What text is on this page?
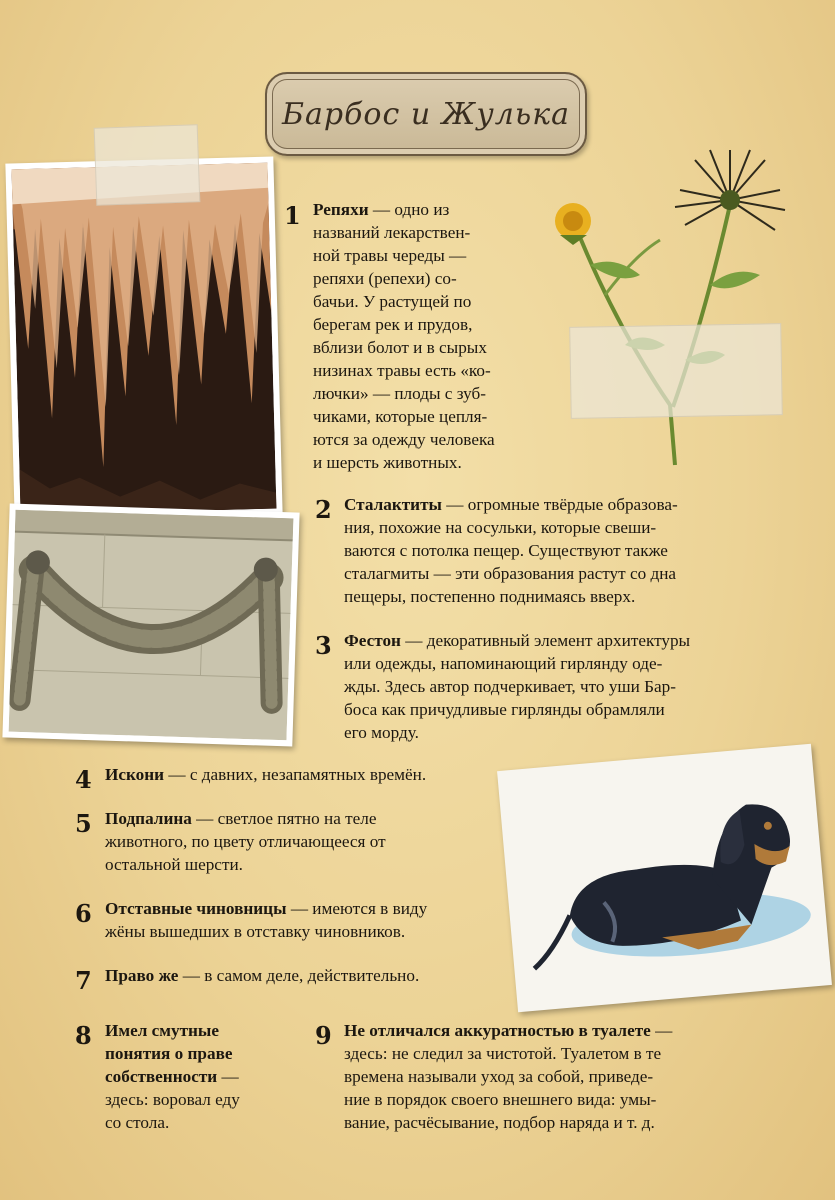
Барбос и Жулька
1 Репяхи — одно из
названий лекарствен-
ной травы череды —
репяхи (репехи) со-
бачьи. У растущей по
берегам рек и прудов,
вблизи болот и в сырых
низинах травы есть «ко-
лючки» — плоды с зуб-
чиками, которые цепля-
ются за одежду человека
и шерсть животных.
2 Сталактиты — огромные твёрдые образова-
ния, похожие на сосульки, которые свеши-
ваются с потолка пещер. Существуют также
сталагмиты — эти образования растут со дна
пещеры, постепенно поднимаясь вверх.
3 Фестон — декоративный элемент архитектуры
или одежды, напоминающий гирлянду оде-
жды. Здесь автор подчеркивает, что уши Бар-
боса как причудливые гирлянды обрамляли
его морду.
4 Искони — с давних, незапамятных времён.
5 Подпалина — светлое пятно на теле
животного, по цвету отличающееся от
остальной шерсти.
6 Отставные чиновницы — имеются в виду
жёны вышедших в отставку чиновников.
7 Право же — в самом деле, действительно.
8 Имел смутные
понятия о праве
собственности —
здесь: воровал еду
со стола.
9 Не отличался аккуратностью в туалете —
здесь: не следил за чистотой. Туалетом в те
времена называли уход за собой, приведе-
ние в порядок своего внешнего вида: умы-
вание, расчёсывание, подбор наряда и т. д.
